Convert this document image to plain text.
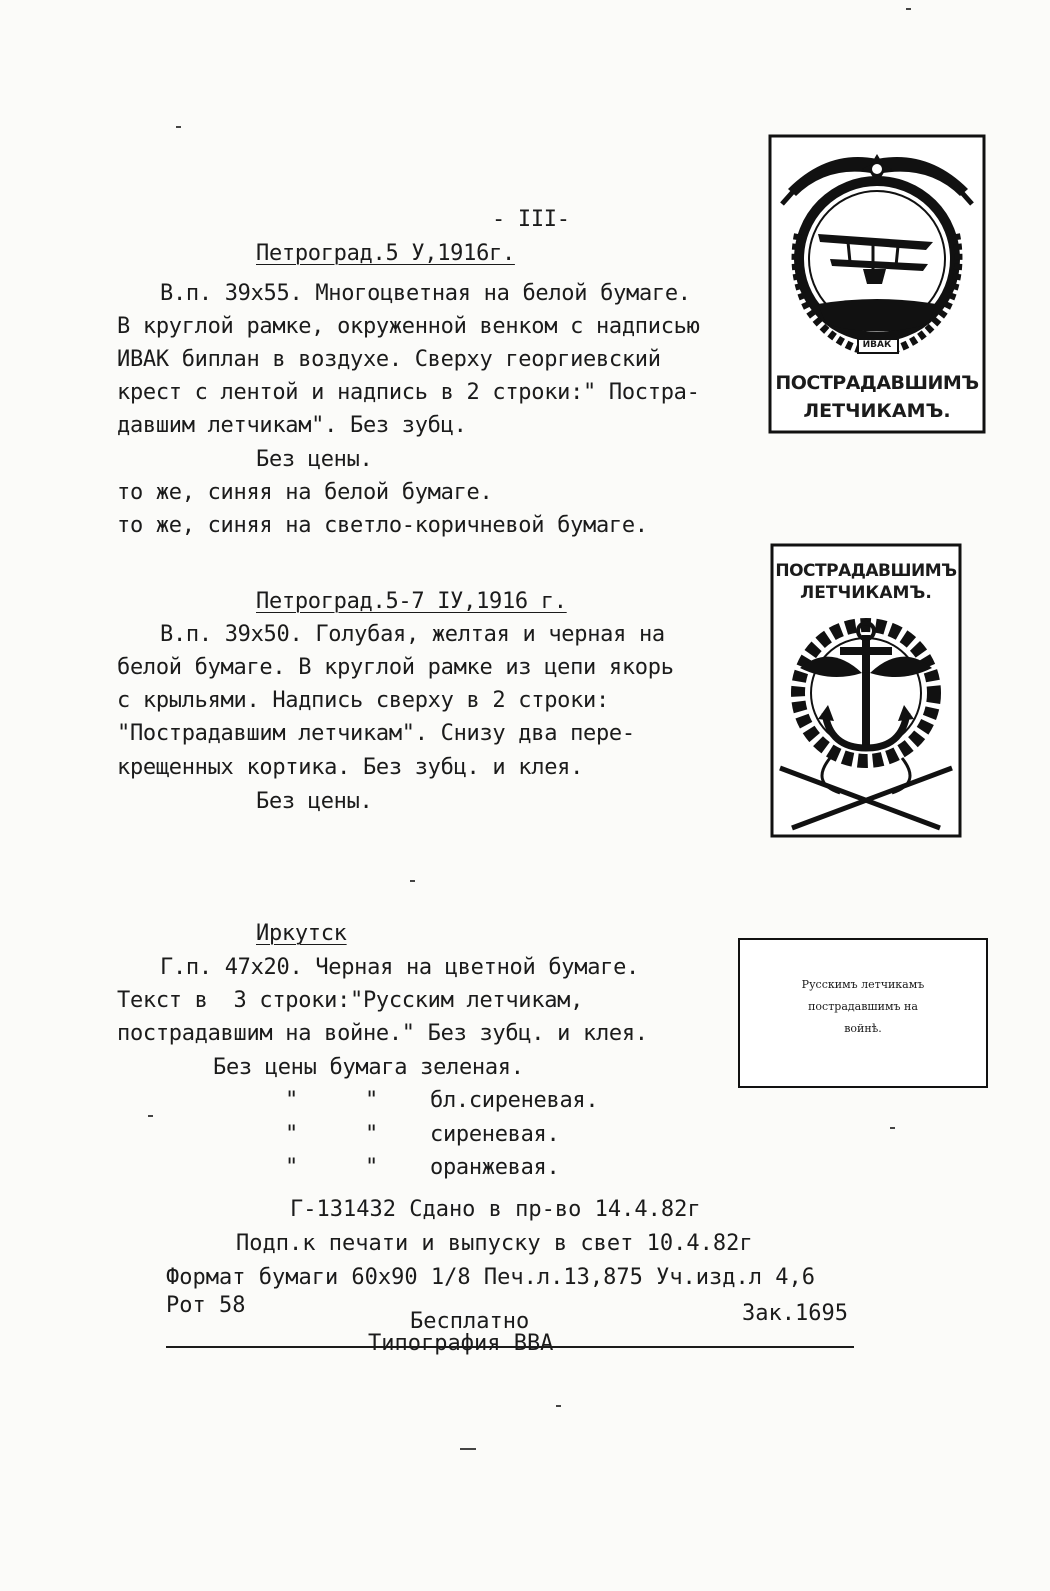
- III-
Петроград.5 У,1916г.
В.п. 39х55. Многоцветная на белой бумаге.
В круглой рамке, окруженной венком с надписью
ИВАК биплан в воздухе. Сверху георгиевский
крест с лентой и надпись в 2 строки:" Пострa-
давшим летчикам". Без зубц.
Без цены.
то же, синяя на белой бумаге.
то же, синяя на светло-коричневой бумаге.
ИВАК
ПОСТРАДАВШИМЪ
ЛЕТЧИКАМЪ.
Петроград.5-7 IУ,1916 г.
В.п. 39х50. Голубая, желтая и черная на
белой бумаге. В круглой рамке из цепи якорь
с крыльями. Надпись сверху в 2 строки:
"Пострадавшим летчикам". Снизу два пере-
крещенных кортика. Без зубц. и клея.
Без цены.
ПОСТРАДАВШИМЪ
ЛЕТЧИКАМЪ.
Иркутск
Г.п. 47х20. Черная на цветной бумаге.
Текст в  3 строки:"Русским летчикам,
пострадавшим на войне." Без зубц. и клея.
Без цены бумага зеленая.
"	" бл.сиреневая.
"	" сиреневая.
"	" оранжевая.
Русскимъ летчикамъ
пострадавшимъ на
войнѣ.
Г-131432 Сдано в пр-во 14.4.82г
Подп.к печати и выпуску в свет 10.4.82г
Формат бумаги 60х90 1/8 Печ.л.13,875 Уч.изд.л 4,6
Рот 58
Бесплатно	Зак.1695
Типография ВВА
